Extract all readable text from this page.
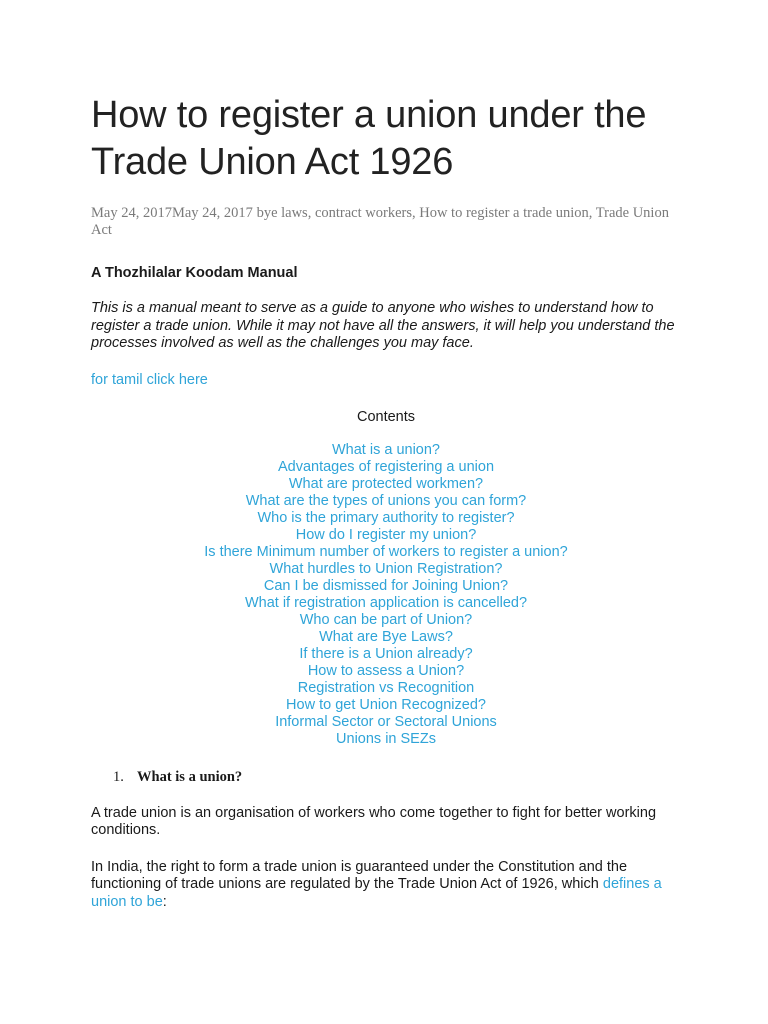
How to register a union under the Trade Union Act 1926
May 24, 2017May 24, 2017 bye laws, contract workers, How to register a trade union, Trade Union Act
A Thozhilalar Koodam Manual
This is a manual meant to serve as a guide to anyone who wishes to understand how to register a trade union. While it may not have all the answers, it will help you understand the processes involved as well as the challenges you may face.
for tamil click here
Contents
What is a union?
Advantages of registering a union
What are protected workmen?
What are the types of unions you can form?
Who is the primary authority to register?
How do I register my union?
Is there Minimum number of workers to register a union?
What hurdles to Union Registration?
Can I be dismissed for Joining Union?
What if registration application is cancelled?
Who can be part of Union?
What are Bye Laws?
If there is a Union already?
How to assess a Union?
Registration vs Recognition
How to get Union Recognized?
Informal Sector or Sectoral Unions
Unions in SEZs
1. What is a union?
A trade union is an organisation of workers who come together to fight for better working conditions.
In India, the right to form a trade union is guaranteed under the Constitution and the functioning of trade unions are regulated by the Trade Union Act of 1926, which defines a union to be:
